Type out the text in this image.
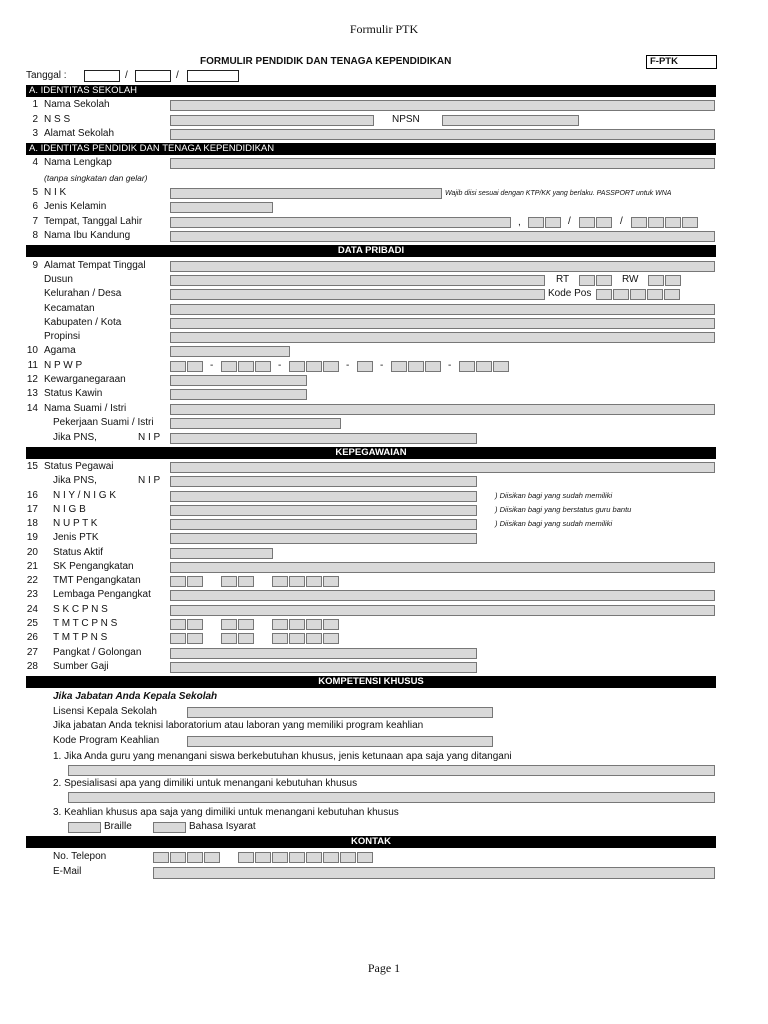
Formulir PTK
FORMULIR PENDIDIK DAN TENAGA KEPENDIDIKAN	F-PTK
Tanggal :	/	/
A. IDENTITAS SEKOLAH
1 Nama Sekolah
2 N S S	NPSN
3 Alamat Sekolah
A. IDENTITAS PENDIDIK DAN TENAGA KEPENDIDIKAN
4 Nama Lengkap
(tanpa singkatan dan gelar)
5 N I K	Wajib diisi sesuai dengan KTP/KK yang berlaku. PASSPORT untuk WNA
6 Jenis Kelamin
7 Tempat, Tanggal Lahir	,	/	/
8 Nama Ibu Kandung
DATA PRIBADI
9 Alamat Tempat Tinggal
Dusun	RT	RW
Kelurahan / Desa	Kode Pos
Kecamatan
Kabupaten / Kota
Propinsi
10 Agama
11 N P W P	-	-	-	-	-
12 Kewarganegaraan
13 Status Kawin
14 Nama Suami / Istri
Pekerjaan Suami / Istri
Jika PNS,	N I P
KEPEGAWAIAN
15 Status Pegawai
Jika PNS,	N I P
16 N I Y / N I G K	) Diisikan bagi yang sudah memiliki
17 N I G B	) Diisikan bagi yang berstatus guru bantu
18 N U P T K	) Diisikan bagi yang sudah memiliki
19 Jenis PTK
20 Status Aktif
21 SK Pengangkatan
22 TMT Pengangkatan
23 Lembaga Pengangkat
24 S K C P N S
25 T M T C P N S
26 T M T P N S
27 Pangkat / Golongan
28 Sumber Gaji
KOMPETENSI KHUSUS
Jika Jabatan Anda Kepala Sekolah
Lisensi Kepala Sekolah
Jika jabatan Anda teknisi laboratorium atau laboran yang memiliki program keahlian
Kode Program Keahlian
1. Jika Anda guru yang menangani siswa berkebutuhan khusus, jenis ketunaan apa saja yang ditangani
2. Spesialisasi apa yang dimiliki untuk menangani kebutuhan khusus
3. Keahlian khusus apa saja yang dimiliki untuk menangani kebutuhan khusus
Braille	Bahasa Isyarat
KONTAK
No. Telepon
E-Mail
Page 1
